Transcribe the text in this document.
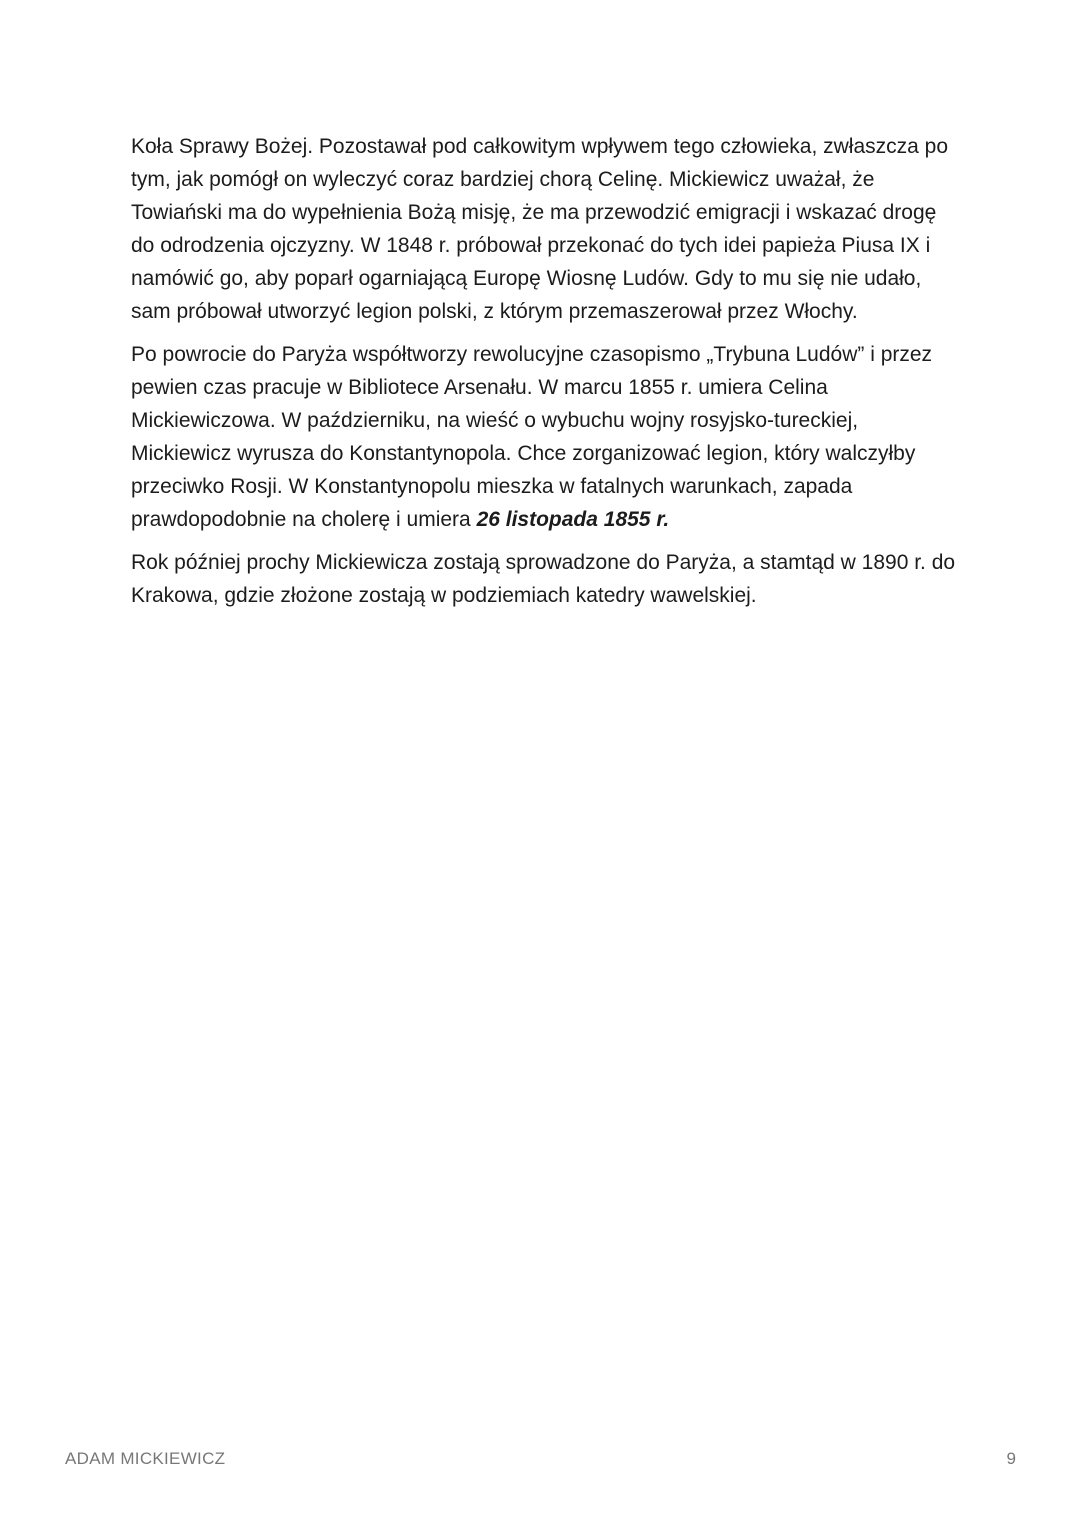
Koła Sprawy Bożej. Pozostawał pod całkowitym wpływem tego człowieka, zwłaszcza po tym, jak pomógł on wyleczyć coraz bardziej chorą Celinę. Mickiewicz uważał, że Towiański ma do wypełnienia Bożą misję, że ma przewodzić emigracji i wskazać drogę do odrodzenia ojczyzny. W 1848 r. próbował przekonać do tych idei papieża Piusa IX i namówić go, aby poparł ogarniającą Europę Wiosnę Ludów. Gdy to mu się nie udało, sam próbował utworzyć legion polski, z którym przemaszerował przez Włochy.

Po powrocie do Paryża współtworzy rewolucyjne czasopismo „Trybuna Ludów” i przez pewien czas pracuje w Bibliotece Arsenału. W marcu 1855 r. umiera Celina Mickiewiczowa. W październiku, na wieść o wybuchu wojny rosyjsko-tureckiej, Mickiewicz wyrusza do Konstantynopola. Chce zorganizować legion, który walczyłby przeciwko Rosji. W Konstantynopolu mieszka w fatalnych warunkach, zapada prawdopodobnie na cholerę i umiera 26 listopada 1855 r.

Rok później prochy Mickiewicza zostają sprowadzone do Paryża, a stamtąd w 1890 r. do Krakowa, gdzie złożone zostają w podziemiach katedry wawelskiej.

ADAM MICKIEWICZ	9
